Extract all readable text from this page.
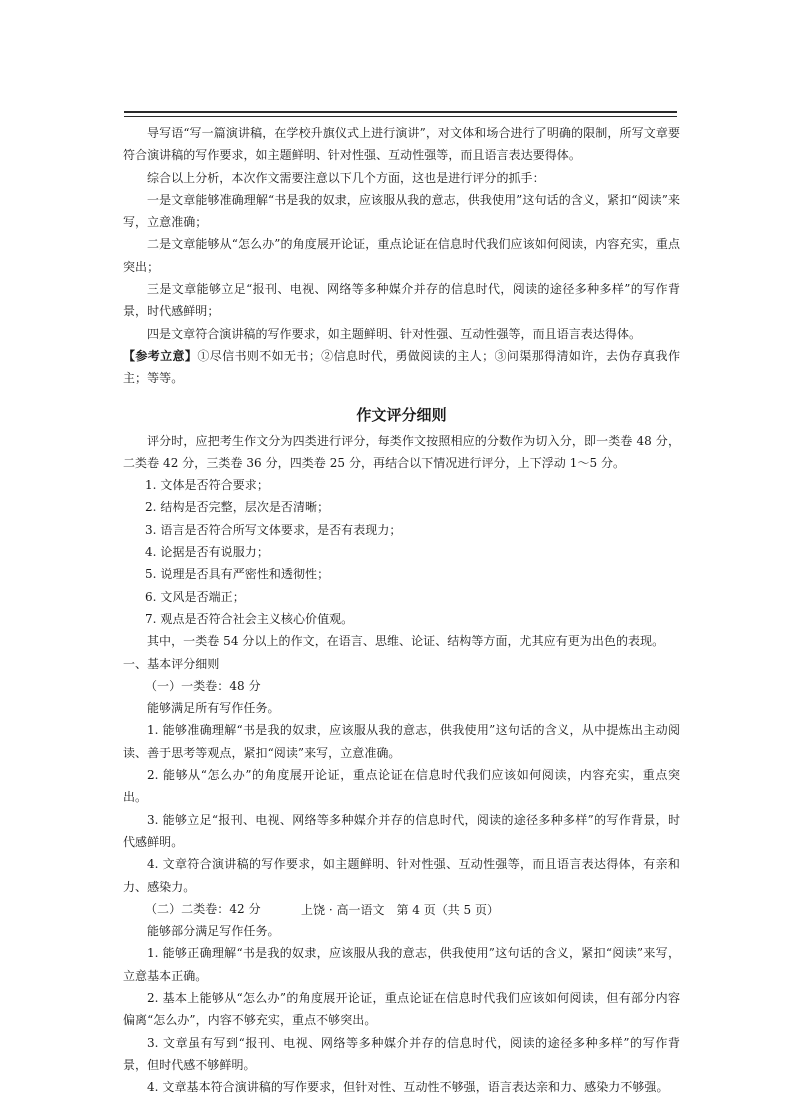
导写语“写一篇演讲稿，在学校升旗仪式上进行演讲”，对文体和场合进行了明确的限制，所写文章要符合演讲稿的写作要求，如主题鲜明、针对性强、互动性强等，而且语言表达要得体。

综合以上分析，本次作文需要注意以下几个方面，这也是进行评分的抓手：

一是文章能够准确理解“书是我的奴隶，应该服从我的意志，供我使用”这句话的含义，紧扣“阅读”来写，立意准确；

二是文章能够从“怎么办”的角度展开论证，重点论证在信息时代我们应该如何阅读，内容充实，重点突出；

三是文章能够立足“报刊、电视、网络等多种媒介并存的信息时代，阅读的途径多种多样”的写作背景，时代感鲜明；

四是文章符合演讲稿的写作要求，如主题鲜明、针对性强、互动性强等，而且语言表达得体。

【参考立意】①尽信书则不如无书；②信息时代，勇做阅读的主人；③问渠那得清如许，去伪存真我作主；等等。

作文评分细则

评分时，应把考生作文分为四类进行评分，每类作文按照相应的分数作为切入分，即一类卷 48 分，二类卷 42 分，三类卷 36 分，四类卷 25 分，再结合以下情况进行评分，上下浮动 1～5 分。

1. 文体是否符合要求；

2. 结构是否完整，层次是否清晰；

3. 语言是否符合所写文体要求，是否有表现力；

4. 论据是否有说服力；

5. 说理是否具有严密性和透彻性；

6. 文风是否端正；

7. 观点是否符合社会主义核心价值观。

其中，一类卷 54 分以上的作文，在语言、思维、论证、结构等方面，尤其应有更为出色的表现。

一、基本评分细则

（一）一类卷：48 分

能够满足所有写作任务。

1. 能够准确理解“书是我的奴隶，应该服从我的意志，供我使用”这句话的含义，从中提炼出主动阅读、善于思考等观点，紧扣“阅读”来写，立意准确。

2. 能够从“怎么办”的角度展开论证，重点论证在信息时代我们应该如何阅读，内容充实，重点突出。

3. 能够立足“报刊、电视、网络等多种媒介并存的信息时代，阅读的途径多种多样”的写作背景，时代感鲜明。

4. 文章符合演讲稿的写作要求，如主题鲜明、针对性强、互动性强等，而且语言表达得体，有亲和力、感染力。

（二）二类卷：42 分

能够部分满足写作任务。

1. 能够正确理解“书是我的奴隶，应该服从我的意志，供我使用”这句话的含义，紧扣“阅读”来写，立意基本正确。

2. 基本上能够从“怎么办”的角度展开论证，重点论证在信息时代我们应该如何阅读，但有部分内容偏离“怎么办”，内容不够充实，重点不够突出。

3. 文章虽有写到“报刊、电视、网络等多种媒介并存的信息时代，阅读的途径多种多样”的写作背景，但时代感不够鲜明。

4. 文章基本符合演讲稿的写作要求，但针对性、互动性不够强，语言表达亲和力、感染力不够强。

上饶 · 高一语文　第 4 页（共 5 页）
